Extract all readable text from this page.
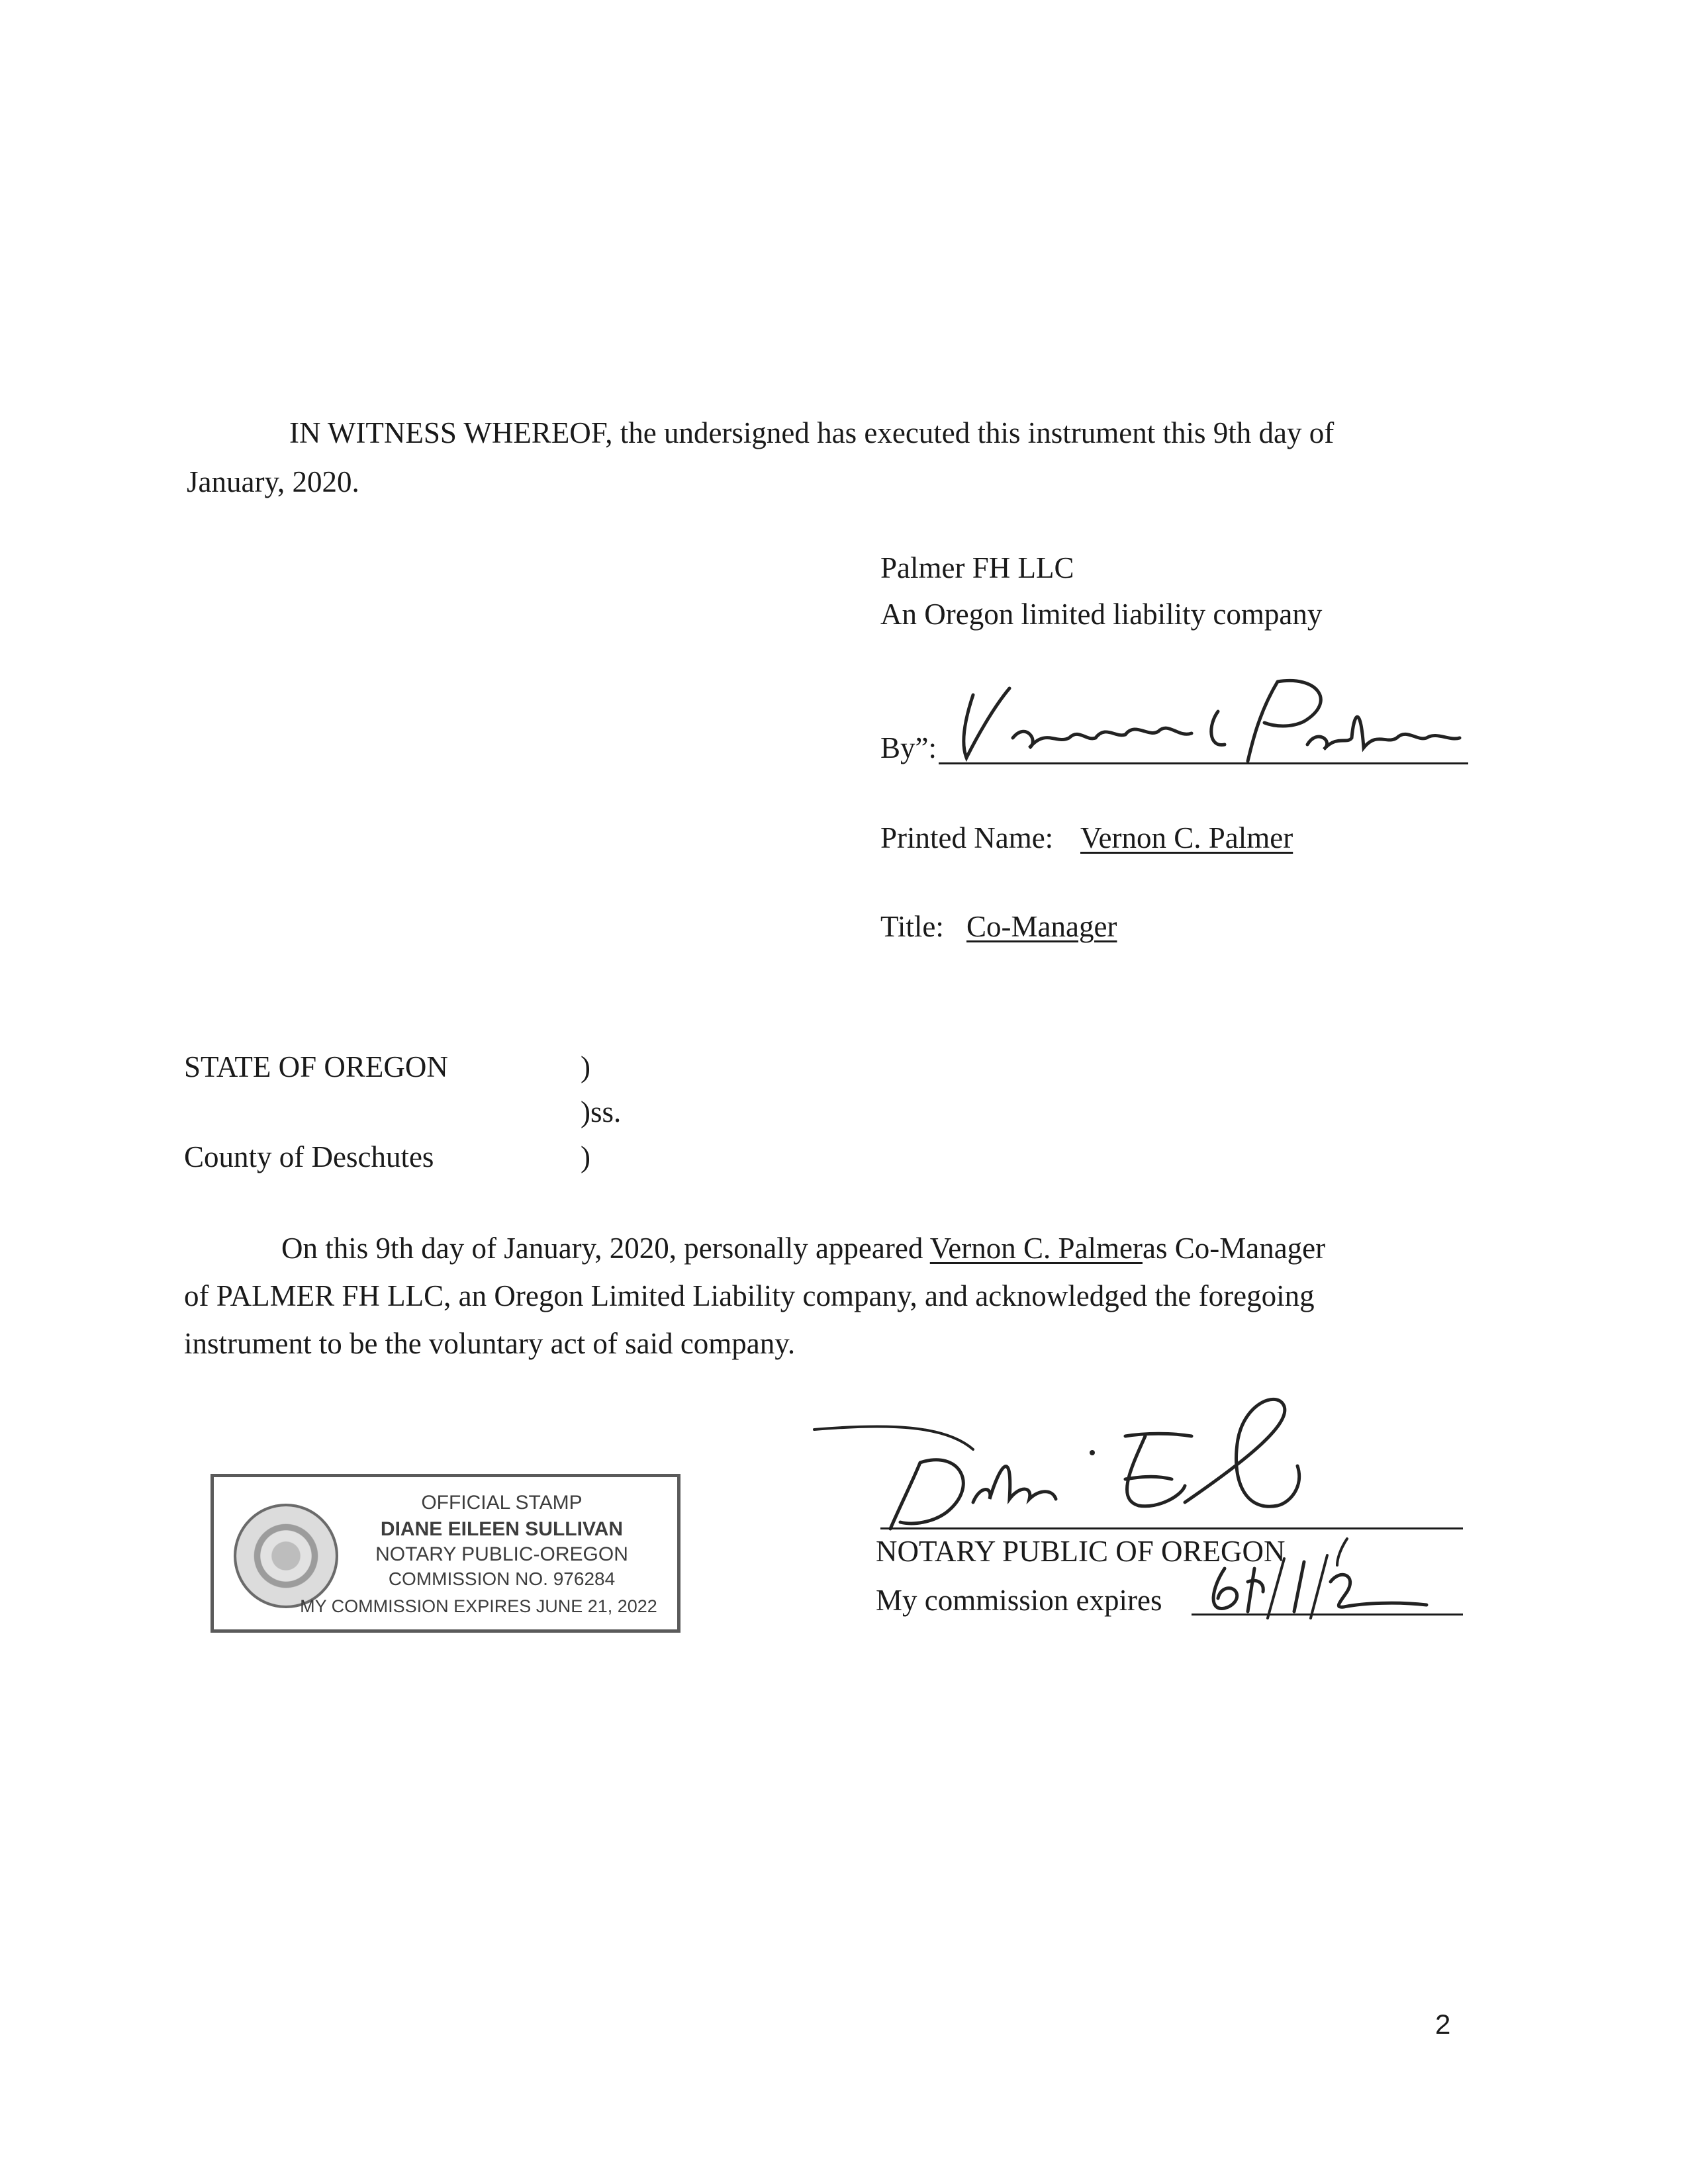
IN WITNESS WHEREOF, the undersigned has executed this instrument this 9th day of
January, 2020.
Palmer FH LLC
An Oregon limited liability company
By”:
Printed Name: Vernon C. Palmer
Title: Co-Manager
STATE OF OREGON	)
)ss.
County of Deschutes	)
On this 9th day of January, 2020, personally appeared Vernon C. Palmeras Co-Manager
of PALMER FH LLC, an Oregon Limited Liability company, and acknowledged the foregoing
instrument to be the voluntary act of said company.
OFFICIAL STAMP
DIANE EILEEN SULLIVAN
NOTARY PUBLIC-OREGON
COMMISSION NO. 976284
MY COMMISSION EXPIRES JUNE 21, 2022
NOTARY PUBLIC OF OREGON
My commission expires
2
